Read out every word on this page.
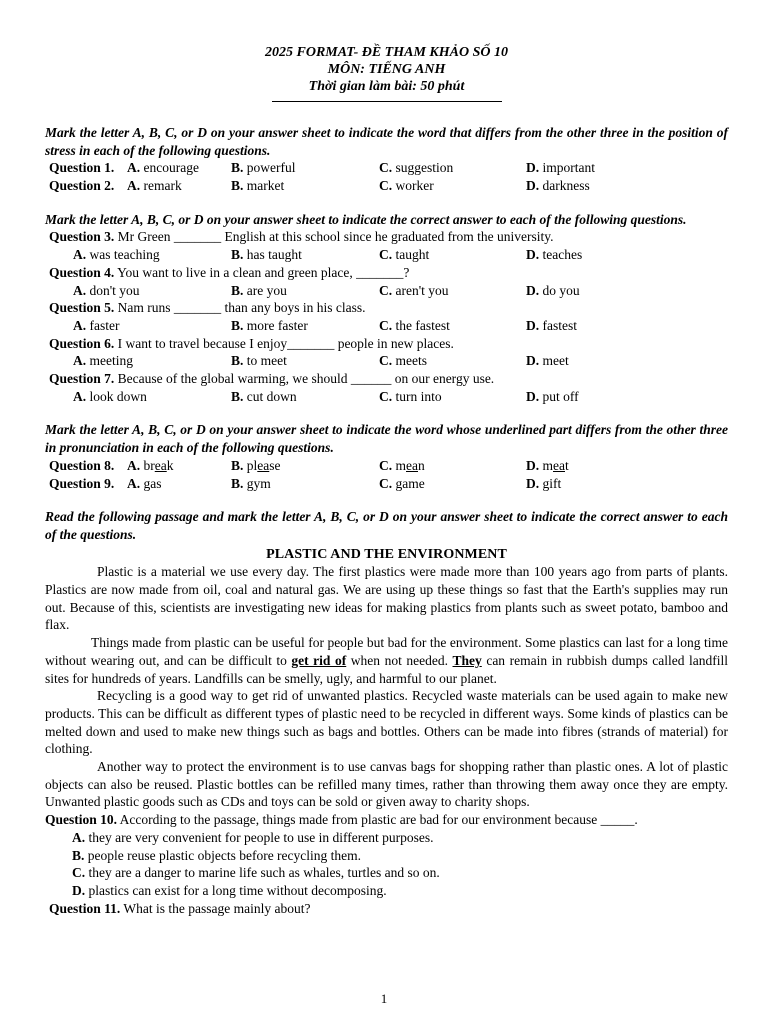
2025 FORMAT- ĐỀ THAM KHẢO SỐ 10
MÔN: TIẾNG ANH
Thời gian làm bài: 50 phút

Mark the letter A, B, C, or D on your answer sheet to indicate the word that differs from the other three in the position of stress in each of the following questions.

Question 1. A. encourage B. powerful	C. suggestion	D. important
Question 2. A. remark	B. market	C. worker	D. darkness

Mark the letter A, B, C, or D on your answer sheet to indicate the correct answer to each of the following questions.

Question 3. Mr Green _______ English at this school since he graduated from the university.
A. was teaching	B. has taught	C. taught	D. teaches
Question 4. You want to live in a clean and green place, _______?
A. don't you	B. are you	C. aren't you	D. do you
Question 5. Nam runs _______ than any boys in his class.
A. faster	B. more faster	C. the fastest	D. fastest
Question 6. I want to travel because I enjoy_______ people in new places.
A. meeting	B. to meet	C. meets	D. meet
Question 7. Because of the global warming, we should ______ on our energy use.
A. look down	B. cut down	C. turn into	D. put off

Mark the letter A, B, C, or D on your answer sheet to indicate the word whose underlined part differs from the other three in pronunciation in each of the following questions.

Question 8. A. break	B. please	C. mean	D. meat
Question 9. A. gas	B. gym	C. game	D. gift

Read the following passage and mark the letter A, B, C, or D on your answer sheet to indicate the correct answer to each of the questions.

PLASTIC AND THE ENVIRONMENT

Plastic is a material we use every day. The first plastics were made more than 100 years ago from parts of plants. Plastics are now made from oil, coal and natural gas. We are using up these things so fast that the Earth's supplies may run out. Because of this, scientists are investigating new ideas for making plastics from plants such as sweet potato, bamboo and flax.

Things made from plastic can be useful for people but bad for the environment. Some plastics can last for a long time without wearing out, and can be difficult to get rid of when not needed. They can remain in rubbish dumps called landfill sites for hundreds of years. Landfills can be smelly, ugly, and harmful to our planet.

Recycling is a good way to get rid of unwanted plastics. Recycled waste materials can be used again to make new products. This can be difficult as different types of plastic need to be recycled in different ways. Some kinds of plastics can be melted down and used to make new things such as bags and bottles. Others can be made into fibres (strands of material) for clothing.

Another way to protect the environment is to use canvas bags for shopping rather than plastic ones. A lot of plastic objects can also be reused. Plastic bottles can be refilled many times, rather than throwing them away once they are empty. Unwanted plastic goods such as CDs and toys can be sold or given away to charity shops.

Question 10. According to the passage, things made from plastic are bad for our environment because _____.
A. they are very convenient for people to use in different purposes.
B. people reuse plastic objects before recycling them.
C. they are a danger to marine life such as whales, turtles and so on.
D. plastics can exist for a long time without decomposing.
Question 11. What is the passage mainly about?
1
